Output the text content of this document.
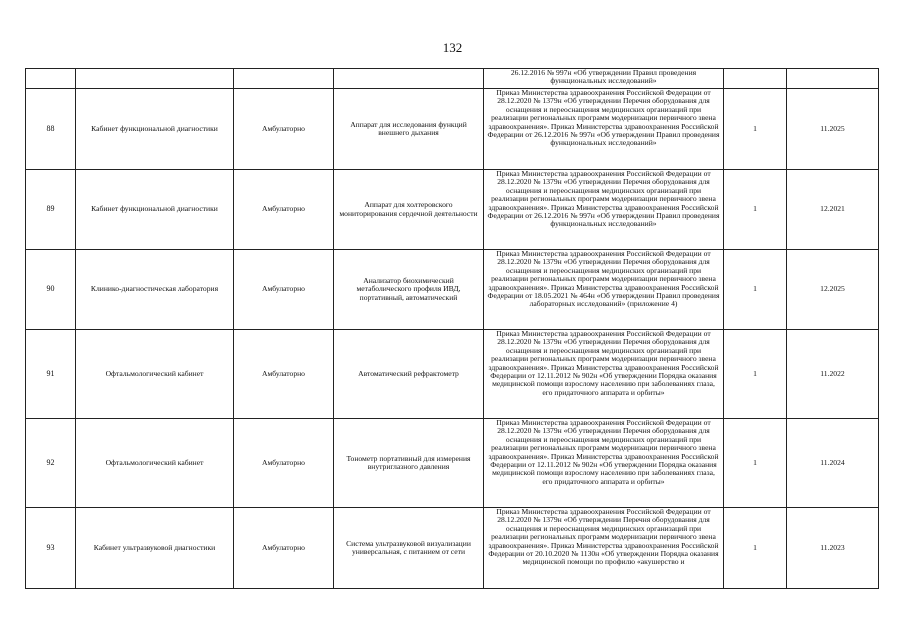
132
				26.12.2016 № 997н «Об утверждении Правил проведения функциональных исследований»		
88	Кабинет функциональной диагностики	Амбулаторно	Аппарат для исследования функций внешнего дыхания	Приказ Министерства здравоохранения Российской Федерации от 28.12.2020 № 1379н «Об утверждении Перечня оборудования для оснащения и переоснащения медицинских организаций при реализации региональных программ модернизации первичного звена здравоохранения». Приказ Министерства здравоохранения Российской Федерации от 26.12.2016 № 997н «Об утверждении Правил проведения функциональных исследований»	1	11.2025
89	Кабинет функциональной диагностики	Амбулаторно	Аппарат для холтеровского мониторирования сердечной деятельности	Приказ Министерства здравоохранения Российской Федерации от 28.12.2020 № 1379н «Об утверждении Перечня оборудования для оснащения и переоснащения медицинских организаций при реализации региональных программ модернизации первичного звена здравоохранения». Приказ Министерства здравоохранения Российской Федерации от 26.12.2016 № 997н «Об утверждении Правил проведения функциональных исследований»	1	12.2021
90	Клинико-диагностическая лаборатория	Амбулаторно	Анализатор биохимический метаболического профиля ИВД, портативный, автоматический	Приказ Министерства здравоохранения Российской Федерации от 28.12.2020 № 1379н «Об утверждении Перечня оборудования для оснащения и переоснащения медицинских организаций при реализации региональных программ модернизации первичного звена здравоохранения». Приказ Министерства здравоохранения Российской Федерации от 18.05.2021 № 464н «Об утверждении Правил проведения лабораторных исследований» (приложение 4)	1	12.2025
91	Офтальмологический кабинет	Амбулаторно	Автоматический рефрактометр	Приказ Министерства здравоохранения Российской Федерации от 28.12.2020 № 1379н «Об утверждении Перечня оборудования для оснащения и переоснащения медицинских организаций при реализации региональных программ модернизации первичного звена здравоохранения». Приказ Министерства здравоохранения Российской Федерации от 12.11.2012 № 902н «Об утверждении Порядка оказания медицинской помощи взрослому населению при заболеваниях глаза, его придаточного аппарата и орбиты»	1	11.2022
92	Офтальмологический кабинет	Амбулаторно	Тонометр портативный для измерения внутриглазного давления	Приказ Министерства здравоохранения Российской Федерации от 28.12.2020 № 1379н «Об утверждении Перечня оборудования для оснащения и переоснащения медицинских организаций при реализации региональных программ модернизации первичного звена здравоохранения». Приказ Министерства здравоохранения Российской Федерации от 12.11.2012 № 902н «Об утверждении Порядка оказания медицинской помощи взрослому населению при заболеваниях глаза, его придаточного аппарата и орбиты»	1	11.2024
93	Кабинет ультразвуковой диагностики	Амбулаторно	Система ультразвуковой визуализации универсальная, с питанием от сети	Приказ Министерства здравоохранения Российской Федерации от 28.12.2020 № 1379н «Об утверждении Перечня оборудования для оснащения и переоснащения медицинских организаций при реализации региональных программ модернизации первичного звена здравоохранения». Приказ Министерства здравоохранения Российской Федерации от 20.10.2020 № 1130н «Об утверждении Порядка оказания медицинской помощи по профилю «акушерство и	1	11.2023
